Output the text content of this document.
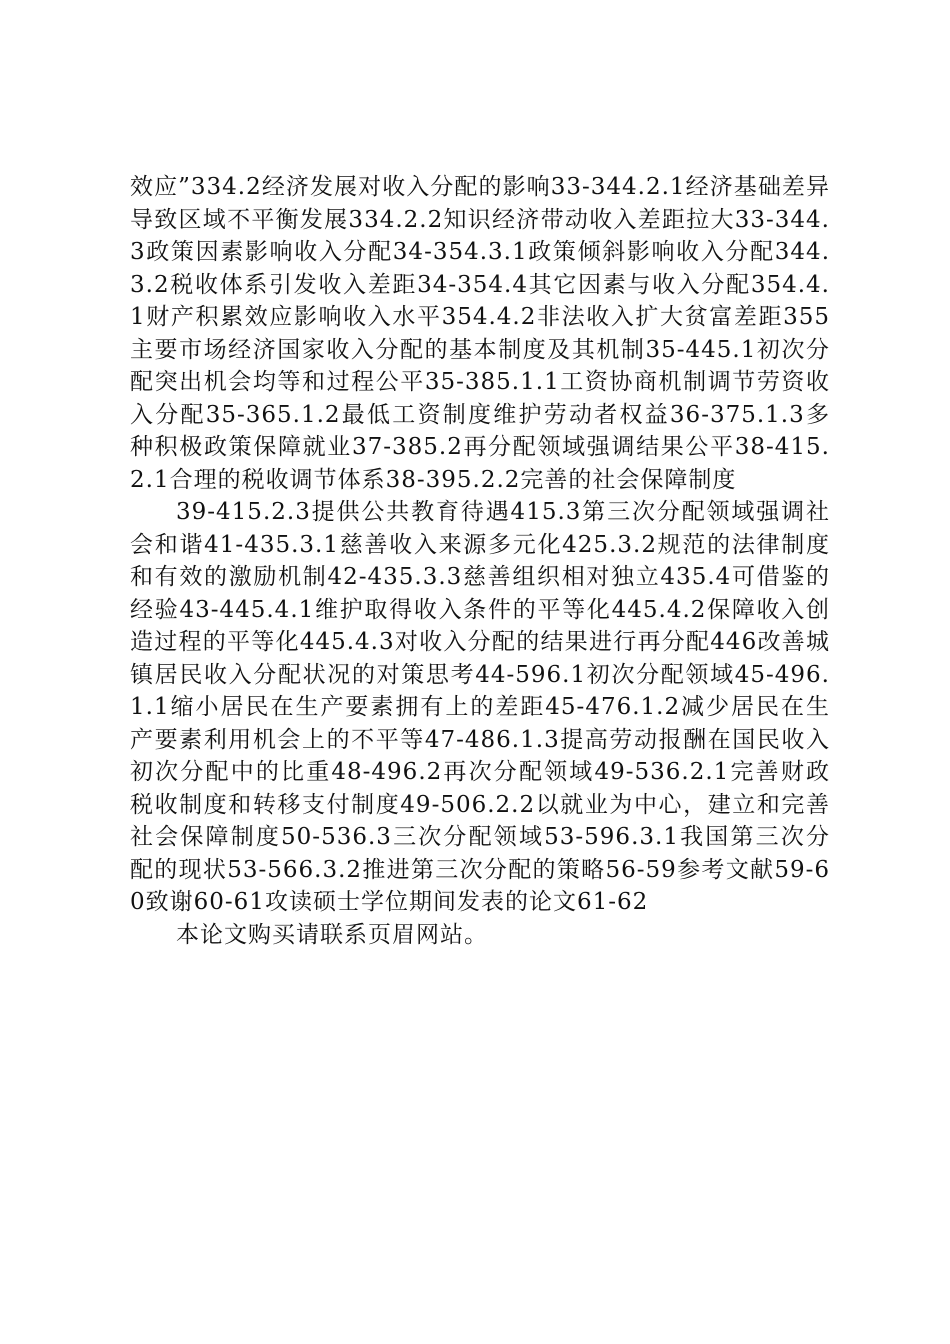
效应”334.2经济发展对收入分配的影响33-344.2.1经济基础差异导致区域不平衡发展334.2.2知识经济带动收入差距拉大33-344.3政策因素影响收入分配34-354.3.1政策倾斜影响收入分配344.3.2税收体系引发收入差距34-354.4其它因素与收入分配354.4.1财产积累效应影响收入水平354.4.2非法收入扩大贫富差距355主要市场经济国家收入分配的基本制度及其机制35-445.1初次分配突出机会均等和过程公平35-385.1.1工资协商机制调节劳资收入分配35-365.1.2最低工资制度维护劳动者权益36-375.1.3多种积极政策保障就业37-385.2再分配领域强调结果公平38-415.2.1合理的税收调节体系38-395.2.2完善的社会保障制度

39-415.2.3提供公共教育待遇415.3第三次分配领域强调社会和谐41-435.3.1慈善收入来源多元化425.3.2规范的法律制度和有效的激励机制42-435.3.3慈善组织相对独立435.4可借鉴的经验43-445.4.1维护取得收入条件的平等化445.4.2保障收入创造过程的平等化445.4.3对收入分配的结果进行再分配446改善城镇居民收入分配状况的对策思考44-596.1初次分配领域45-496.1.1缩小居民在生产要素拥有上的差距45-476.1.2减少居民在生产要素利用机会上的不平等47-486.1.3提高劳动报酬在国民收入初次分配中的比重48-496.2再次分配领域49-536.2.1完善财政税收制度和转移支付制度49-506.2.2以就业为中心，建立和完善社会保障制度50-536.3三次分配领域53-596.3.1我国第三次分配的现状53-566.3.2推进第三次分配的策略56-59参考文献59-60致谢60-61攻读硕士学位期间发表的论文61-62

本论文购买请联系页眉网站。
